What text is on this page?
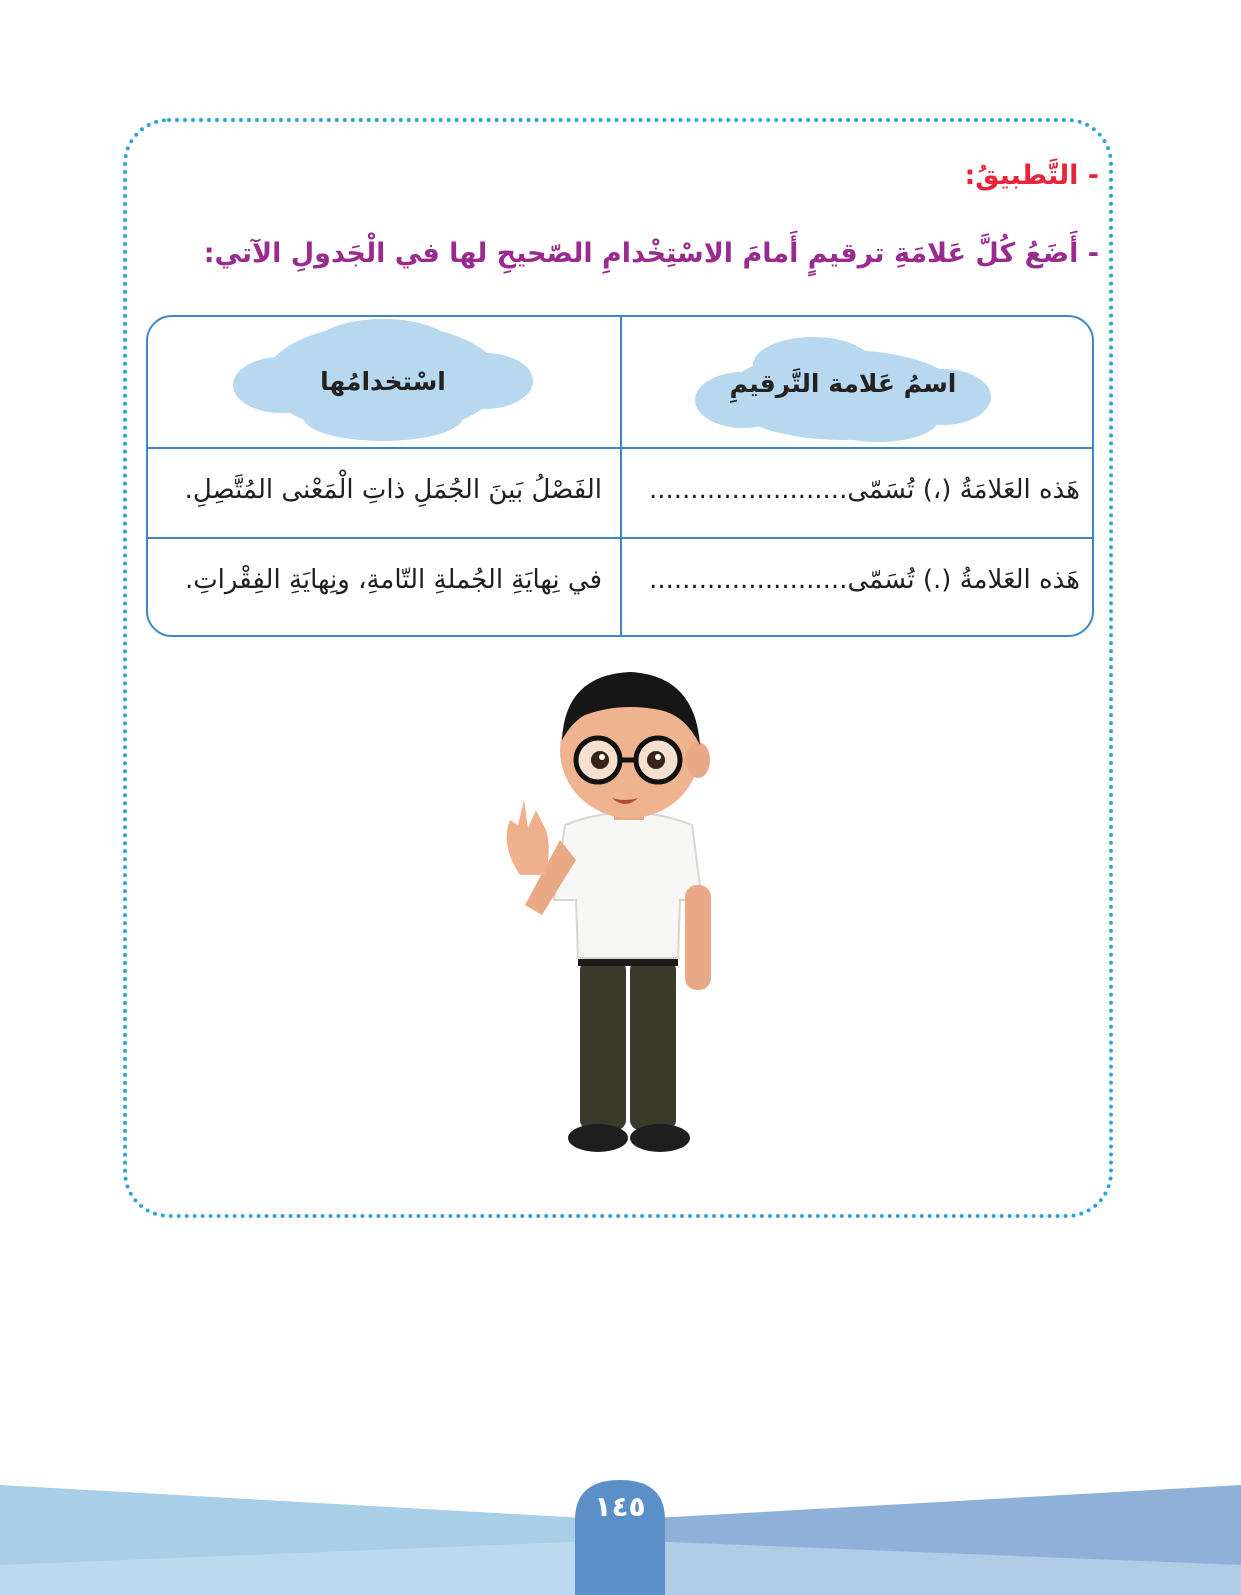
- التَّطبيقُ:
- أَضَعُ كُلَّ عَلامَةِ ترقيمٍ أَمامَ الاسْتِخْدامِ الصّحيحِ لها في الْجَدولِ الآتي:
اسمُ عَلامة التَّرقيمِ
اسْتخدامُها
هَذه العَلامَةُ (،) تُسَمّى........................
الفَصْلُ بَينَ الجُمَلِ ذاتِ الْمَعْنى المُتَّصِلِ.
هَذه العَلامةُ (.) تُسَمّى........................
في نِهايَةِ الجُملةِ التّامةِ، ونِهايَةِ الفِقْراتِ.
١٤٥
